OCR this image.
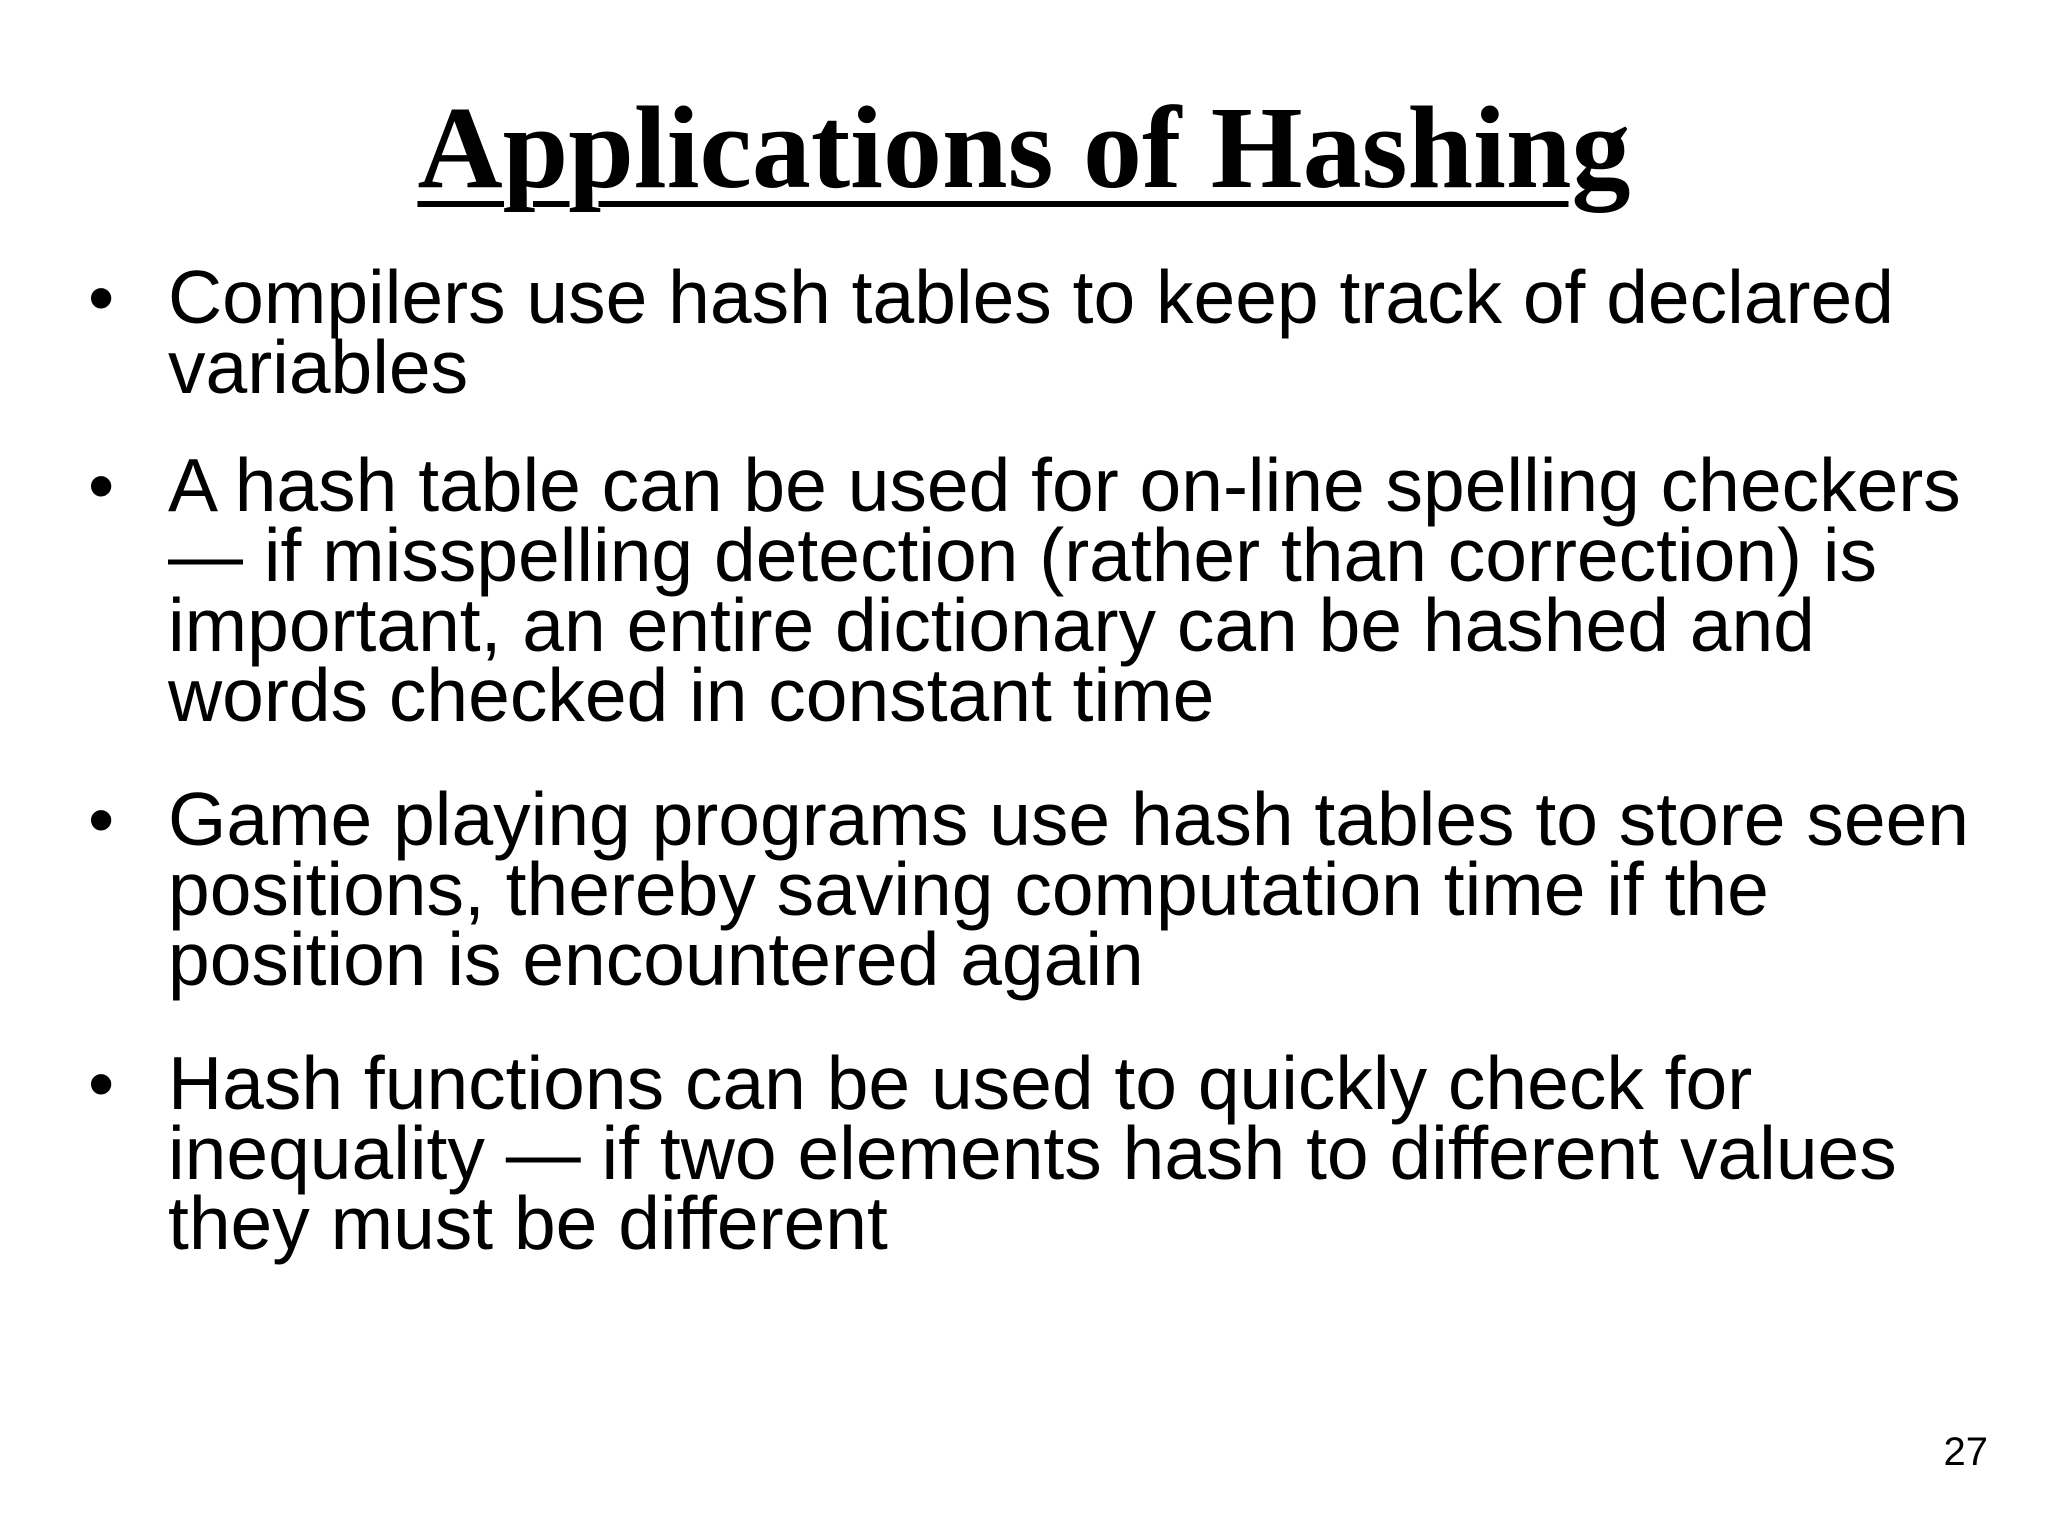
Applications of Hashing
• Compilers use hash tables to keep track of declared
variables
• A hash table can be used for on-line spelling checkers
— if misspelling detection (rather than correction) is
important, an entire dictionary can be hashed and
words checked in constant time
• Game playing programs use hash tables to store seen
positions, thereby saving computation time if the
position is encountered again
• Hash functions can be used to quickly check for
inequality — if two elements hash to different values
they must be different
27
